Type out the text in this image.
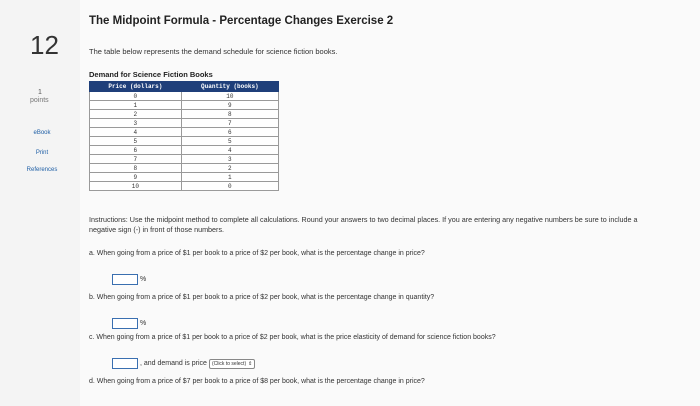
12
1
points
eBook
Print
References
The Midpoint Formula - Percentage Changes Exercise 2
The table below represents the demand schedule for science fiction books.
Demand for Science Fiction Books
Price (dollars)	Quantity (books)
0	10
1	9
2	8
3	7
4	6
5	5
6	4
7	3
8	2
9	1
10	0
Instructions: Use the midpoint method to complete all calculations. Round your answers to two decimal places. If you are entering any negative numbers be sure to include a negative sign (-) in front of those numbers.
a. When going from a price of $1 per book to a price of $2 per book, what is the percentage change in price?
%
b. When going from a price of $1 per book to a price of $2 per book, what is the percentage change in quantity?
%
c. When going from a price of $1 per book to a price of $2 per book, what is the price elasticity of demand for science fiction books?
, and demand is price (Click to select) ⇕
d. When going from a price of $7 per book to a price of $8 per book, what is the percentage change in price?
